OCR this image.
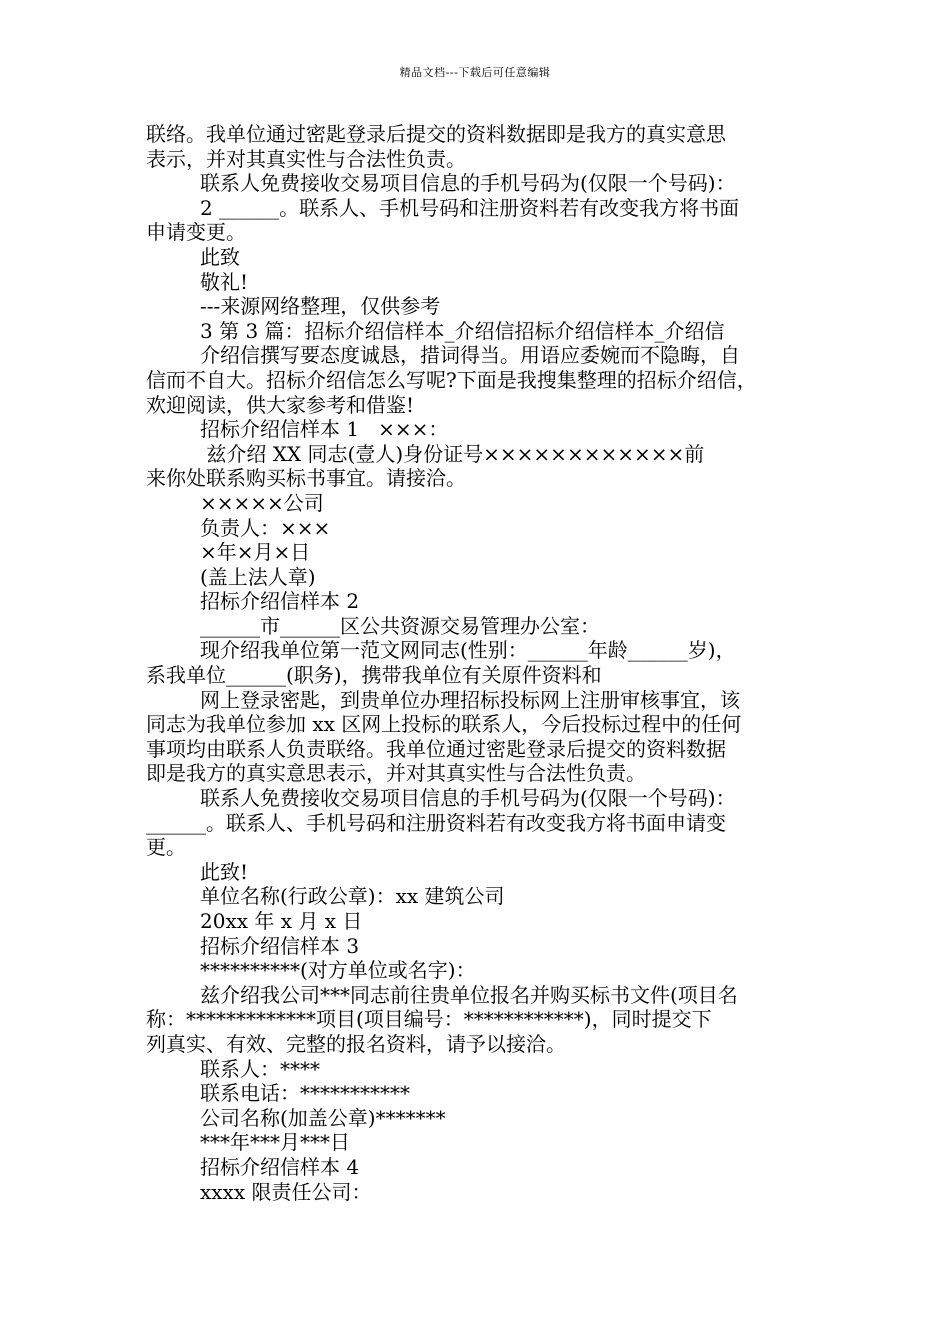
精品文档---下载后可任意编辑
联络。我单位通过密匙登录后提交的资料数据即是我方的真实意思
表示，并对其真实性与合法性负责。
联系人免费接收交易项目信息的手机号码为(仅限一个号码)：
2 ______。联系人、手机号码和注册资料若有改变我方将书面
申请变更。
此致
敬礼!
---来源网络整理，仅供参考
3 第 3 篇：招标介绍信样本_介绍信招标介绍信样本_介绍信
介绍信撰写要态度诚恳，措词得当。用语应委婉而不隐晦，自
信而不自大。招标介绍信怎么写呢?下面是我搜集整理的招标介绍信，
欢迎阅读，供大家参考和借鉴!
招标介绍信样本 1   ×××：
兹介绍 XX 同志(壹人)身份证号××××××××××××前
来你处联系购买标书事宜。请接洽。
×××××公司
负责人：×××
×年×月×日
(盖上法人章)
招标介绍信样本 2
______市______区公共资源交易管理办公室：
现介绍我单位第一范文网同志(性别：______年龄______岁)，
系我单位______(职务)，携带我单位有关原件资料和
网上登录密匙，到贵单位办理招标投标网上注册审核事宜，该
同志为我单位参加 xx 区网上投标的联系人，今后投标过程中的任何
事项均由联系人负责联络。我单位通过密匙登录后提交的资料数据
即是我方的真实意思表示，并对其真实性与合法性负责。
联系人免费接收交易项目信息的手机号码为(仅限一个号码)：
______。联系人、手机号码和注册资料若有改变我方将书面申请变
更。
此致!
单位名称(行政公章)：xx 建筑公司
20xx 年 x 月 x 日
招标介绍信样本 3
**********(对方单位或名字)：
兹介绍我公司***同志前往贵单位报名并购买标书文件(项目名
称：*************项目(项目编号：************)，同时提交下
列真实、有效、完整的报名资料，请予以接洽。
联系人：****
联系电话：***********
公司名称(加盖公章)*******
***年***月***日
招标介绍信样本 4
xxxx 限责任公司：
